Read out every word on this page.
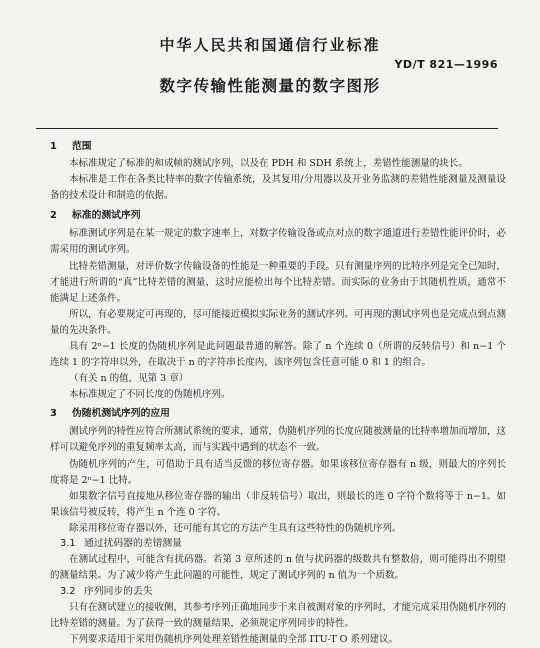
中华人民共和国通信行业标准
YD/T 821—1996
数字传输性能测量的数字图形
1 范围
本标准规定了标准的和成帧的测试序列，以及在 PDH 和 SDH 系统上，差错性能测量的块长。
本标准是工作在各类比特率的数字传输系统，及其复用/分用器以及开业务监测的差错性能测量及测量设备的技术设计和制造的依据。
2 标准的测试序列
标准测试序列是在某一规定的数字速率上，对数字传输设备或点对点的数字通道进行差错性能评价时，必需采用的测试序列。
比特差错测量，对评价数字传输设备的性能是一种重要的手段。只有测量序列的比特序列是完全已知时，才能进行所谓的“真”比特差错的测量，这时应能检出每个比特差错。而实际的业务由于其随机性质，通常不能满足上述条件。
所以，有必要规定可再现的，尽可能接近模拟实际业务的测试序列。可再现的测试序列也是完成点到点测量的先决条件。
具有 2ⁿ−1 长度的伪随机序列是此问题最普通的解答。除了 n 个连续 0（所谓的反转信号）和 n−1 个连续 1 的字符串以外，在取决于 n 的字符串长度内，该序列包含任意可能 0 和 1 的组合。
（有关 n 的值，见第 3 章）
本标准规定了不同长度的伪随机序列。
3 伪随机测试序列的应用
测试序列的特性应符合所测试系统的要求，通常，伪随机序列的长度应随被测量的比特率增加而增加，这样可以避免序列的重复频率太高，而与实践中遇到的状态不一致。
伪随机序列的产生，可借助于具有适当反馈的移位寄存器。如果该移位寄存器有 n 级，则最大的序列长度将是 2ⁿ−1 比特。
如果数字信号直接地从移位寄存器的输出（非反转信号）取出，则最长的连 0 字符个数将等于 n−1。如果该信号被反转，将产生 n 个连 0 字符。
除采用移位寄存器以外，还可能有其它的方法产生具有这些特性的伪随机序列。
3.1 通过扰码器的差错测量
在测试过程中，可能含有扰码器。若第 3 章所述的 n 值与扰码器的级数共有整数倍，则可能得出不期望的测量结果。为了减少将产生此问题的可能性，规定了测试序列的 n 值为一个质数。
3.2 序列同步的丢失
只有在测试建立的接收侧，其参考序列正确地同步于来自被测对象的序列时，才能完成采用伪随机序列的比特差错的测量。为了获得一致的测量结果，必须规定序列同步的特性。
下列要求适用于采用伪随机序列处理差错性能测量的全部 ITU-T O 系列建议。
